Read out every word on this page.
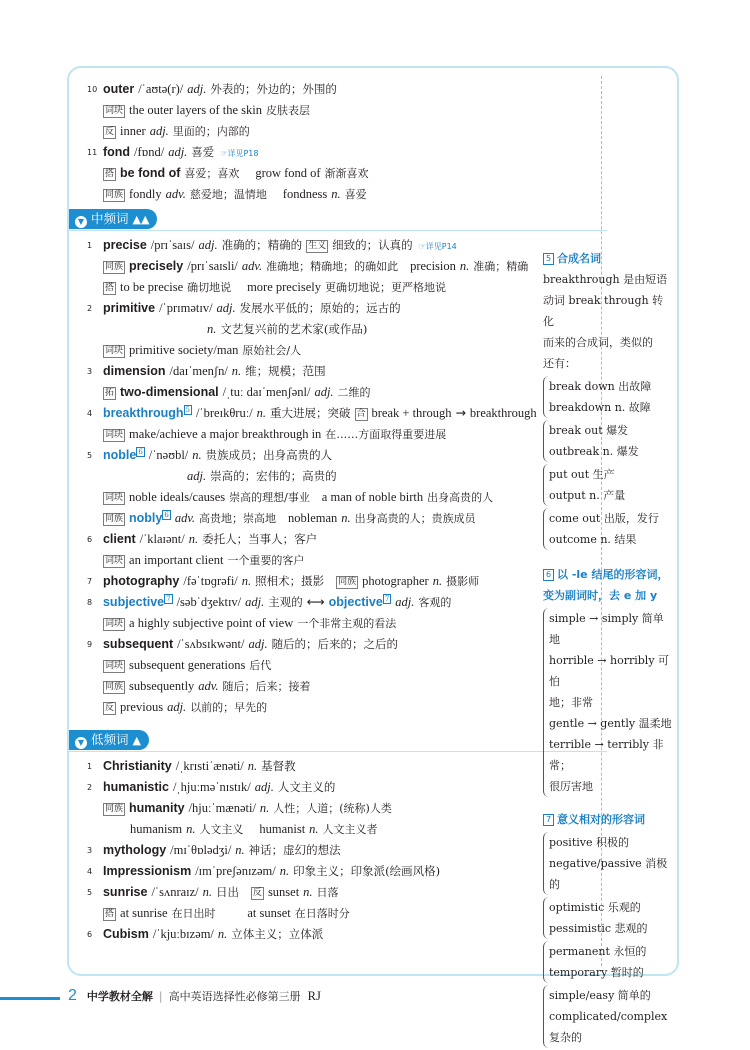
10 outer /ˈaʊtə(r)/ adj. 外表的；外边的；外围的
词块 the outer layers of the skin 皮肤表层
反 inner adj. 里面的；内部的
11 fond /fɒnd/ adj. 喜爱 ☞详见P18
搭 be fond of 喜爱；喜欢 grow fond of 渐渐喜欢
同族 fondly adv. 慈爱地；温情地 fondness n. 喜爱
▼ 中频词 ▲▲
1 precise /prɪˈsaɪs/ adj. 准确的；精确的 生义 细致的；认真的 ☞详见P14
同族 precisely /prɪˈsaɪsli/ adv. 准确地；精确地；的确如此 precision n. 准确；精确
搭 to be precise 确切地说 more precisely 更确切地说；更严格地说
2 primitive /ˈprɪmətɪv/ adj. 发展水平低的；原始的；远古的
n. 文艺复兴前的艺术家(或作品)
词块 primitive society/man 原始社会/人
3 dimension /daɪˈmenʃn/ n. 维；规模；范围
拓 two-dimensional /ˌtuː daɪˈmenʃənl/ adj. 二维的
4 breakthrough 5 /ˈbreɪkθruː/ n. 重大进展；突破 合 break + through → breakthrough
词块 make/achieve a major breakthrough in 在……方面取得重要进展
5 noble 6 /ˈnəʊbl/ n. 贵族成员；出身高贵的人
adj. 崇高的；宏伟的；高贵的
词块 noble ideals/causes 崇高的理想/事业 a man of noble birth 出身高贵的人
同族 nobly 6 adv. 高贵地；崇高地 nobleman n. 出身高贵的人；贵族成员
6 client /ˈklaɪənt/ n. 委托人；当事人；客户
词块 an important client 一个重要的客户
7 photography /fəˈtɒɡrəfi/ n. 照相术；摄影 同族 photographer n. 摄影师
8 subjective 7 /səbˈdʒektɪv/ adj. 主观的 ⟷ objective 7 adj. 客观的
词块 a highly subjective point of view 一个非常主观的看法
9 subsequent /ˈsʌbsɪkwənt/ adj. 随后的；后来的；之后的
词块 subsequent generations 后代
同族 subsequently adv. 随后；后来；接着
反 previous adj. 以前的；早先的
▼ 低频词 ▲
1 Christianity /ˌkrɪstiˈænəti/ n. 基督教
2 humanistic /ˌhjuːməˈnɪstɪk/ adj. 人文主义的
同族 humanity /hjuːˈmænəti/ n. 人性；人道；(统称)人类
humanism n. 人文主义 humanist n. 人文主义者
3 mythology /mɪˈθɒlədʒi/ n. 神话；虚幻的想法
4 Impressionism /ɪmˈpreʃənɪzəm/ n. 印象主义；印象派(绘画风格)
5 sunrise /ˈsʌnraɪz/ n. 日出 反 sunset n. 日落
搭 at sunrise 在日出时	at sunset 在日落时分
6 Cubism /ˈkjuːbɪzəm/ n. 立体主义；立体派
5 合成名词
breakthrough 是由短语
动词 break through 转化
而来的合成词，类似的
还有：
break down 出故障
breakdown n. 故障
break out 爆发
outbreak n. 爆发
put out 生产
output n. 产量
come out 出版，发行
outcome n. 结果
6 以 -le 结尾的形容词，
变为副词时，去 e 加 y
simple → simply 简单地
horrible → horribly 可怕
地；非常
gentle → gently 温柔地
terrible → terribly 非常；
很厉害地
7 意义相对的形容词
positive 积极的
negative/passive 消极的
optimistic 乐观的
pessimistic 悲观的
permanent 永恒的
temporary 暂时的
simple/easy 简单的
complicated/complex
复杂的
2 中学教材全解 | 高中英语选择性必修第三册 RJ
